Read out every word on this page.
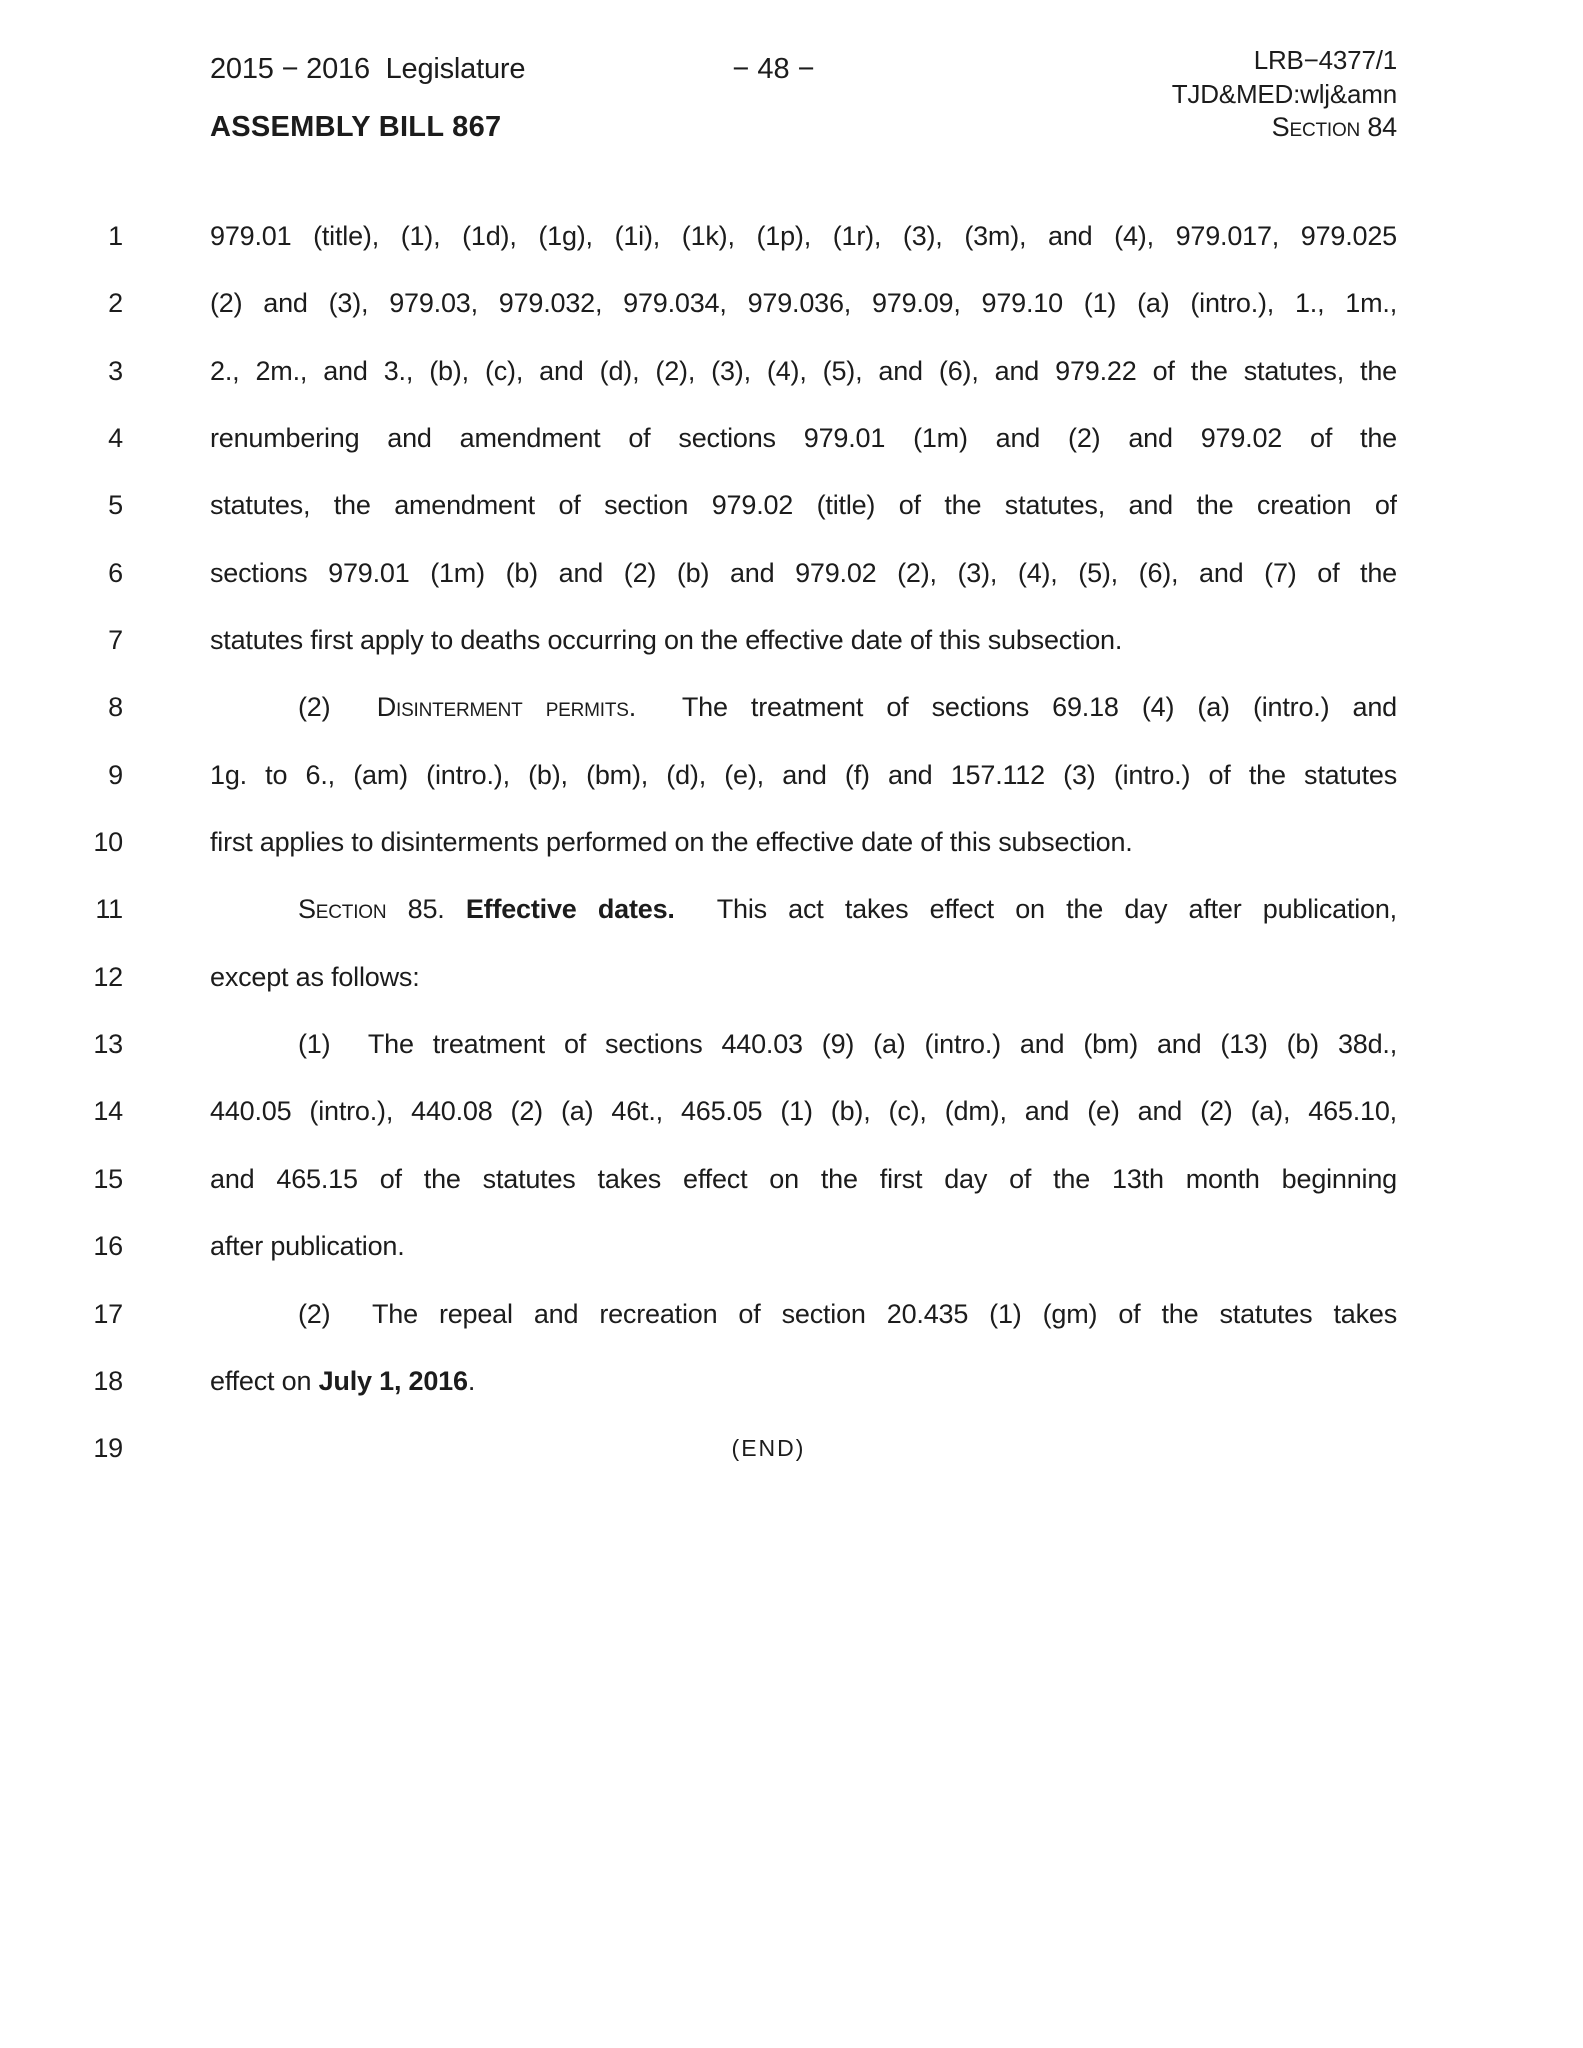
2015 − 2016  Legislature	− 48 −	LRB−4377/1
TJD&MED:wlj&amn
Section 84
ASSEMBLY BILL 867
1	979.01 (title), (1), (1d), (1g), (1i), (1k), (1p), (1r), (3), (3m), and (4), 979.017, 979.025
2	(2) and (3), 979.03, 979.032, 979.034, 979.036, 979.09, 979.10 (1) (a) (intro.), 1., 1m.,
3	2., 2m., and 3., (b), (c), and (d), (2), (3), (4), (5), and (6), and 979.22 of the statutes, the
4	renumbering and amendment of sections 979.01 (1m) and (2) and 979.02 of the
5	statutes, the amendment of section 979.02 (title) of the statutes, and the creation of
6	sections 979.01 (1m) (b) and (2) (b) and 979.02 (2), (3), (4), (5), (6), and (7) of the
7	statutes first apply to deaths occurring on the effective date of this subsection.
8	(2)  Disinterment permits.  The treatment of sections 69.18 (4) (a) (intro.) and
9	1g. to 6., (am) (intro.), (b), (bm), (d), (e), and (f) and 157.112 (3) (intro.) of the statutes
10	first applies to disinterments performed on the effective date of this subsection.
11	Section 85. Effective dates.  This act takes effect on the day after publication,
12	except as follows:
13	(1)  The treatment of sections 440.03 (9) (a) (intro.) and (bm) and (13) (b) 38d.,
14	440.05 (intro.), 440.08 (2) (a) 46t., 465.05 (1) (b), (c), (dm), and (e) and (2) (a), 465.10,
15	and 465.15 of the statutes takes effect on the first day of the 13th month beginning
16	after publication.
17	(2)  The repeal and recreation of section 20.435 (1) (gm) of the statutes takes
18	effect on July 1, 2016.
19	(END)
